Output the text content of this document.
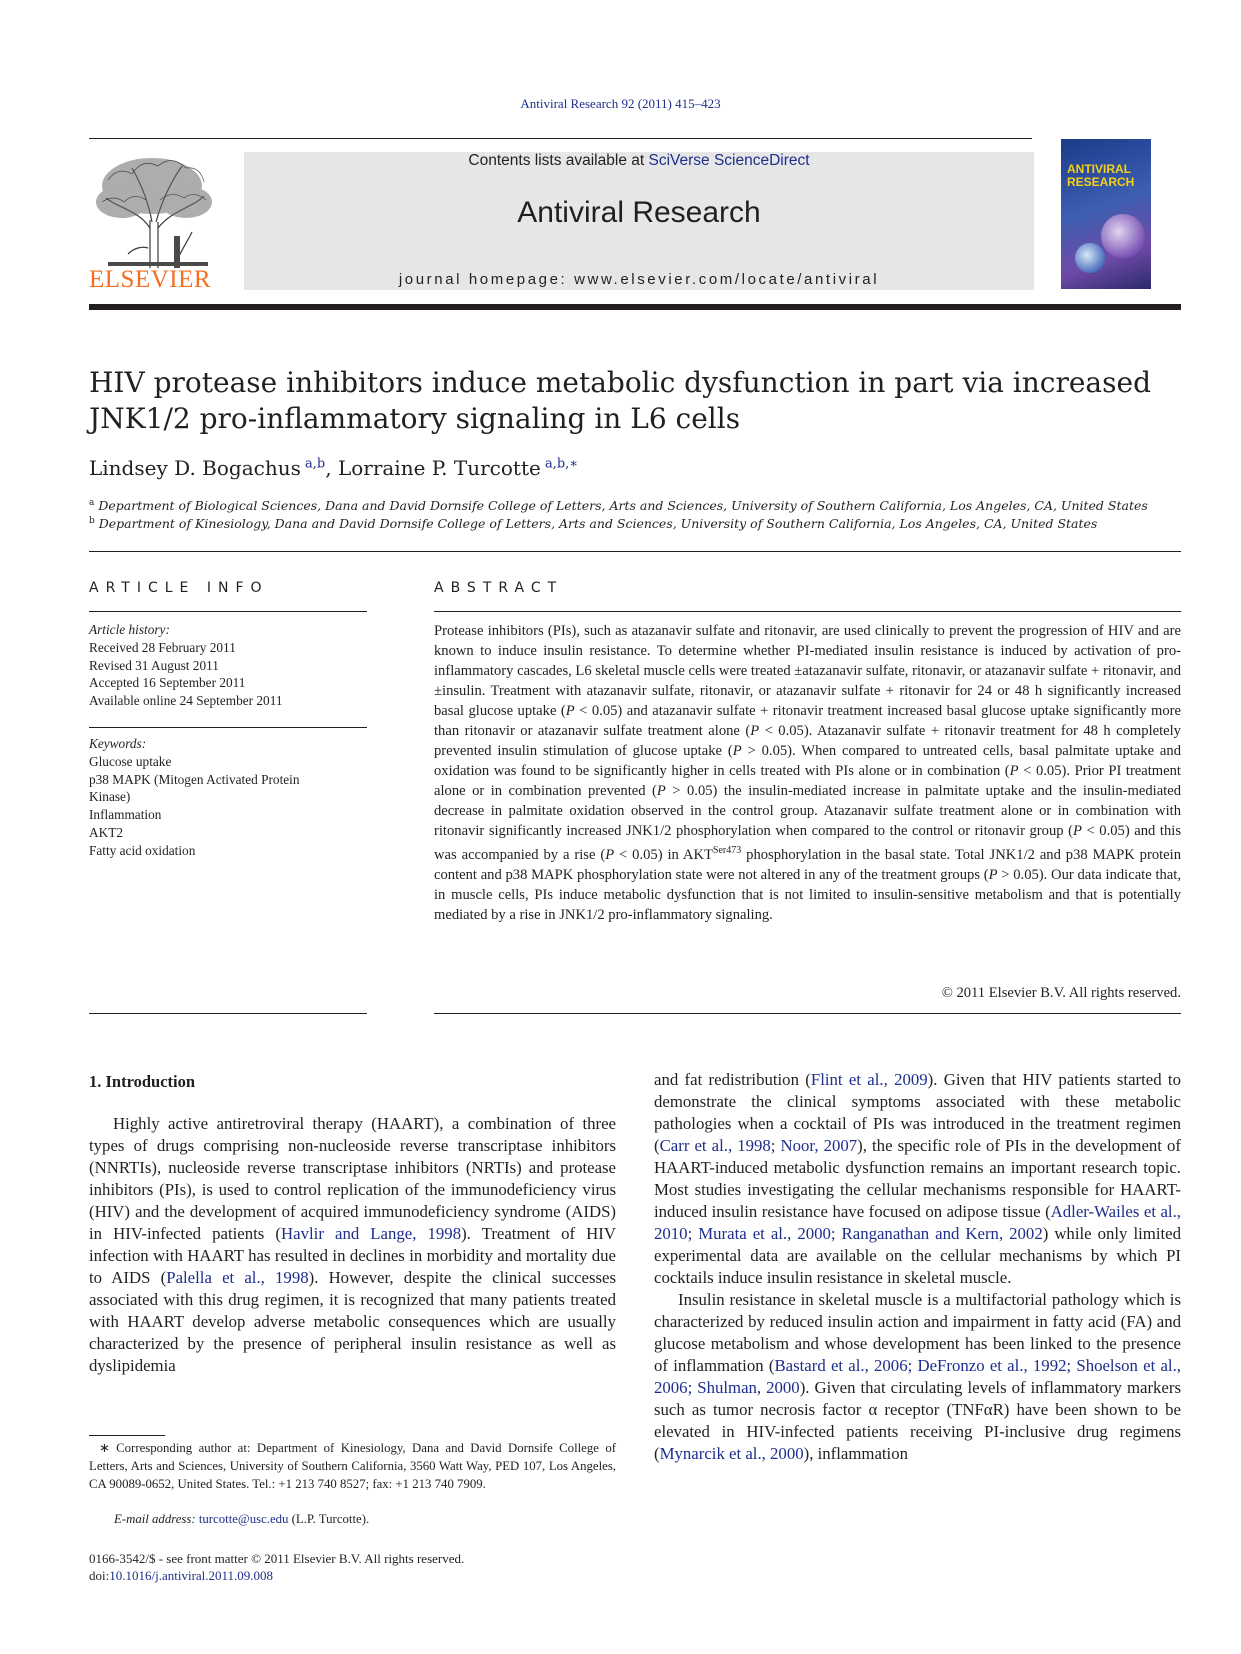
Antiviral Research 92 (2011) 415–423
ELSEVIER
Contents lists available at SciVerse ScienceDirect
Antiviral Research
journal homepage: www.elsevier.com/locate/antiviral
ANTIVIRAL
RESEARCH
HIV protease inhibitors induce metabolic dysfunction in part via increased
JNK1/2 pro-inflammatory signaling in L6 cells
Lindsey D. Bogachus $^{a,b}$, Lorraine P. Turcotte $^{a,b,∗}$
$^a$ Department of Biological Sciences, Dana and David Dornsife College of Letters, Arts and Sciences, University of Southern California, Los Angeles, CA, United States
$^b$ Department of Kinesiology, Dana and David Dornsife College of Letters, Arts and Sciences, University of Southern California, Los Angeles, CA, United States
ARTICLE INFO
Article history:
Received 28 February 2011
Revised 31 August 2011
Accepted 16 September 2011
Available online 24 September 2011
Keywords:
Glucose uptake
p38 MAPK (Mitogen Activated Protein
Kinase)
Inflammation
AKT2
Fatty acid oxidation
ABSTRACT
Protease inhibitors (PIs), such as atazanavir sulfate and ritonavir, are used clinically to prevent the progression of HIV and are known to induce insulin resistance. To determine whether PI-mediated insulin resistance is induced by activation of pro-inflammatory cascades, L6 skeletal muscle cells were treated ±atazanavir sulfate, ritonavir, or atazanavir sulfate + ritonavir, and ±insulin. Treatment with atazanavir sulfate, ritonavir, or atazanavir sulfate + ritonavir for 24 or 48 h significantly increased basal glucose uptake (P < 0.05) and atazanavir sulfate + ritonavir treatment increased basal glucose uptake significantly more than ritonavir or atazanavir sulfate treatment alone (P < 0.05). Atazanavir sulfate + ritonavir treatment for 48 h completely prevented insulin stimulation of glucose uptake (P > 0.05). When compared to untreated cells, basal palmitate uptake and oxidation was found to be significantly higher in cells treated with PIs alone or in combination (P < 0.05). Prior PI treatment alone or in combination prevented (P > 0.05) the insulin-mediated increase in palmitate uptake and the insulin-mediated decrease in palmitate oxidation observed in the control group. Atazanavir sulfate treatment alone or in combination with ritonavir significantly increased JNK1/2 phosphorylation when compared to the control or ritonavir group (P < 0.05) and this was accompanied by a rise (P < 0.05) in $AKT^{Ser473}$ phosphorylation in the basal state. Total JNK1/2 and p38 MAPK protein content and p38 MAPK phosphorylation state were not altered in any of the treatment groups (P > 0.05). Our data indicate that, in muscle cells, PIs induce metabolic dysfunction that is not limited to insulin-sensitive metabolism and that is potentially mediated by a rise in JNK1/2 pro-inflammatory signaling.
© 2011 Elsevier B.V. All rights reserved.
1. Introduction

Highly active antiretroviral therapy (HAART), a combination of three types of drugs comprising non-nucleoside reverse transcriptase inhibitors (NNRTIs), nucleoside reverse transcriptase inhibitors (NRTIs) and protease inhibitors (PIs), is used to control replication of the immunodeficiency virus (HIV) and the development of acquired immunodeficiency syndrome (AIDS) in HIV-infected patients (Havlir and Lange, 1998). Treatment of HIV infection with HAART has resulted in declines in morbidity and mortality due to AIDS (Palella et al., 1998). However, despite the clinical successes associated with this drug regimen, it is recognized that many patients treated with HAART develop adverse metabolic consequences which are usually characterized by the presence of peripheral insulin resistance as well as dyslipidemia

and fat redistribution (Flint et al., 2009). Given that HIV patients started to demonstrate the clinical symptoms associated with these metabolic pathologies when a cocktail of PIs was introduced in the treatment regimen (Carr et al., 1998; Noor, 2007), the specific role of PIs in the development of HAART-induced metabolic dysfunction remains an important research topic. Most studies investigating the cellular mechanisms responsible for HAART-induced insulin resistance have focused on adipose tissue (Adler-Wailes et al., 2010; Murata et al., 2000; Ranganathan and Kern, 2002) while only limited experimental data are available on the cellular mechanisms by which PI cocktails induce insulin resistance in skeletal muscle.

Insulin resistance in skeletal muscle is a multifactorial pathology which is characterized by reduced insulin action and impairment in fatty acid (FA) and glucose metabolism and whose development has been linked to the presence of inflammation (Bastard et al., 2006; DeFronzo et al., 1992; Shoelson et al., 2006; Shulman, 2000). Given that circulating levels of inflammatory markers such as tumor necrosis factor α receptor (TNFαR) have been shown to be elevated in HIV-infected patients receiving PI-inclusive drug regimens (Mynarcik et al., 2000), inflammation

∗ Corresponding author at: Department of Kinesiology, Dana and David Dornsife College of Letters, Arts and Sciences, University of Southern California, 3560 Watt Way, PED 107, Los Angeles, CA 90089-0652, United States. Tel.: +1 213 740 8527; fax: +1 213 740 7909.

E-mail address: turcotte@usc.edu (L.P. Turcotte).
0166-3542/$ - see front matter © 2011 Elsevier B.V. All rights reserved.
doi:10.1016/j.antiviral.2011.09.008
